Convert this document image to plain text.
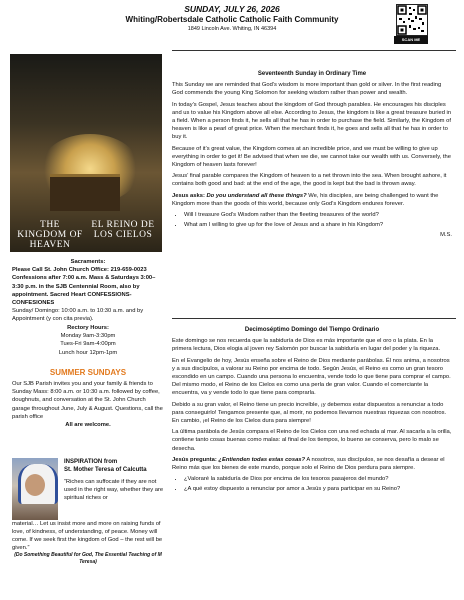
SUNDAY, JULY 26, 2026
Whiting/Robertsdale Catholic Catholic Faith Community
1849 Lincoln Ave. Whiting, IN 46394
SCAN ME
THE KINGDOM OF HEAVEN
EL REINO DE LOS CIELOS
Sacraments:
Please Call St. John Church Office: 219-659-0023 Confessions after 7:00 a.m. Mass & Saturdays 3:00–3:30 p.m. in the SJB Centennial Room, also by appointment. Sacred Heart CONFESSIONS- CONFESIONES
Sunday/ Domingo: 10:00 a.m. to 10:30 a.m. and by Appointment (y con cita previa).
Rectory Hours:
Monday 9am-3:30pm
Tues-Fri 9am-4:00pm
Lunch hour 12pm-1pm
SUMMER SUNDAYS
Our SJB Parish invites you and your family & friends to Sunday Mass: 8:00 a.m. or 10:30 a.m. followed by coffee, doughnuts, and conversation at the St. John Church garage throughout June, July & August. Questions, call the parish office
All are welcome.
INSPIRATION from
St. Mother Teresa of Calcutta
“Riches can suffocate if they are not used in the right way, whether they are spiritual riches or
material… Let us insist more and more on raising funds of love, of kindness, of understanding, of peace. Money will come. If we seek first the kingdom of God – the rest will be given.”
(Do Something Beautiful for God, The Essential Teaching of M Teresa)
Seventeenth Sunday in Ordinary Time

This Sunday we are reminded that God’s wisdom is more important than gold or silver. In the first reading God commends the young King Solomon for seeking wisdom rather than power and wealth.

In today’s Gospel, Jesus teaches about the kingdom of God through parables. He encourages his disciples and us to value his Kingdom above all else. According to Jesus, the kingdom is like a great treasure buried in a field. When a person finds it, he sells all that he has in order to purchase the field. Similarly, the Kingdom of heaven is like a pearl of great price. When the merchant finds it, he goes and sells all that he has in order to buy it.

Because of it’s great value, the Kingdom comes at an incredible price, and we must be willing to give up everything in order to get it! Be advised that when we die, we cannot take our wealth with us. Conversely, the Kingdom of heaven lasts forever!

Jesus’ final parable compares the Kingdom of heaven to a net thrown into the sea. When brought ashore, it contains both good and bad: at the end of the age, the good is kept but the bad is thrown away.

Jesus asks: Do you understand all these things? We, his disciples, are being challenged to want the Kingdom more than the goods of this world, because only God’s Kingdom endures forever.

• Will I treasure God’s Wisdom rather than the fleeting treasures of the world?
• What am I willing to give up for the love of Jesus and a share in his Kingdom?
M.S.
Decimoséptimo Domingo del Tiempo Ordinario

Este domingo se nos recuerda que la sabiduría de Dios es más importante que el oro o la plata. En la primera lectura, Dios elogia al joven rey Salomón por buscar la sabiduría en lugar del poder y la riqueza.

En el Evangelio de hoy, Jesús enseña sobre el Reino de Dios mediante parábolas. Él nos anima, a nosotros y a sus discípulos, a valorar su Reino por encima de todo. Según Jesús, el Reino es como un gran tesoro escondido en un campo. Cuando una persona lo encuentra, vende todo lo que tiene para comprar el campo. Del mismo modo, el Reino de los Cielos es como una perla de gran valor. Cuando el comerciante la encuentra, va y vende todo lo que tiene para comprarla.

Debido a su gran valor, el Reino tiene un precio increíble, ¡y debemos estar dispuestos a renunciar a todo para conseguirlo! Tengamos presente que, al morir, no podemos llevarnos nuestras riquezas con nosotros. En cambio, ¡el Reino de los Cielos dura para siempre!

La última parábola de Jesús compara el Reino de los Cielos con una red echada al mar. Al sacarla a la orilla, contiene tanto cosas buenas como malas: al final de los tiempos, lo bueno se conserva, pero lo malo se desecha.

Jesús pregunta: ¿Entienden todas estas cosas? A nosotros, sus discípulos, se nos desafía a desear el Reino más que los bienes de este mundo, porque solo el Reino de Dios perdura para siempre.

• ¿Valoraré la sabiduría de Dios por encima de los tesoros pasajeros del mundo?
• ¿A qué estoy dispuesto a renunciar por amor a Jesús y para participar en su Reino?
